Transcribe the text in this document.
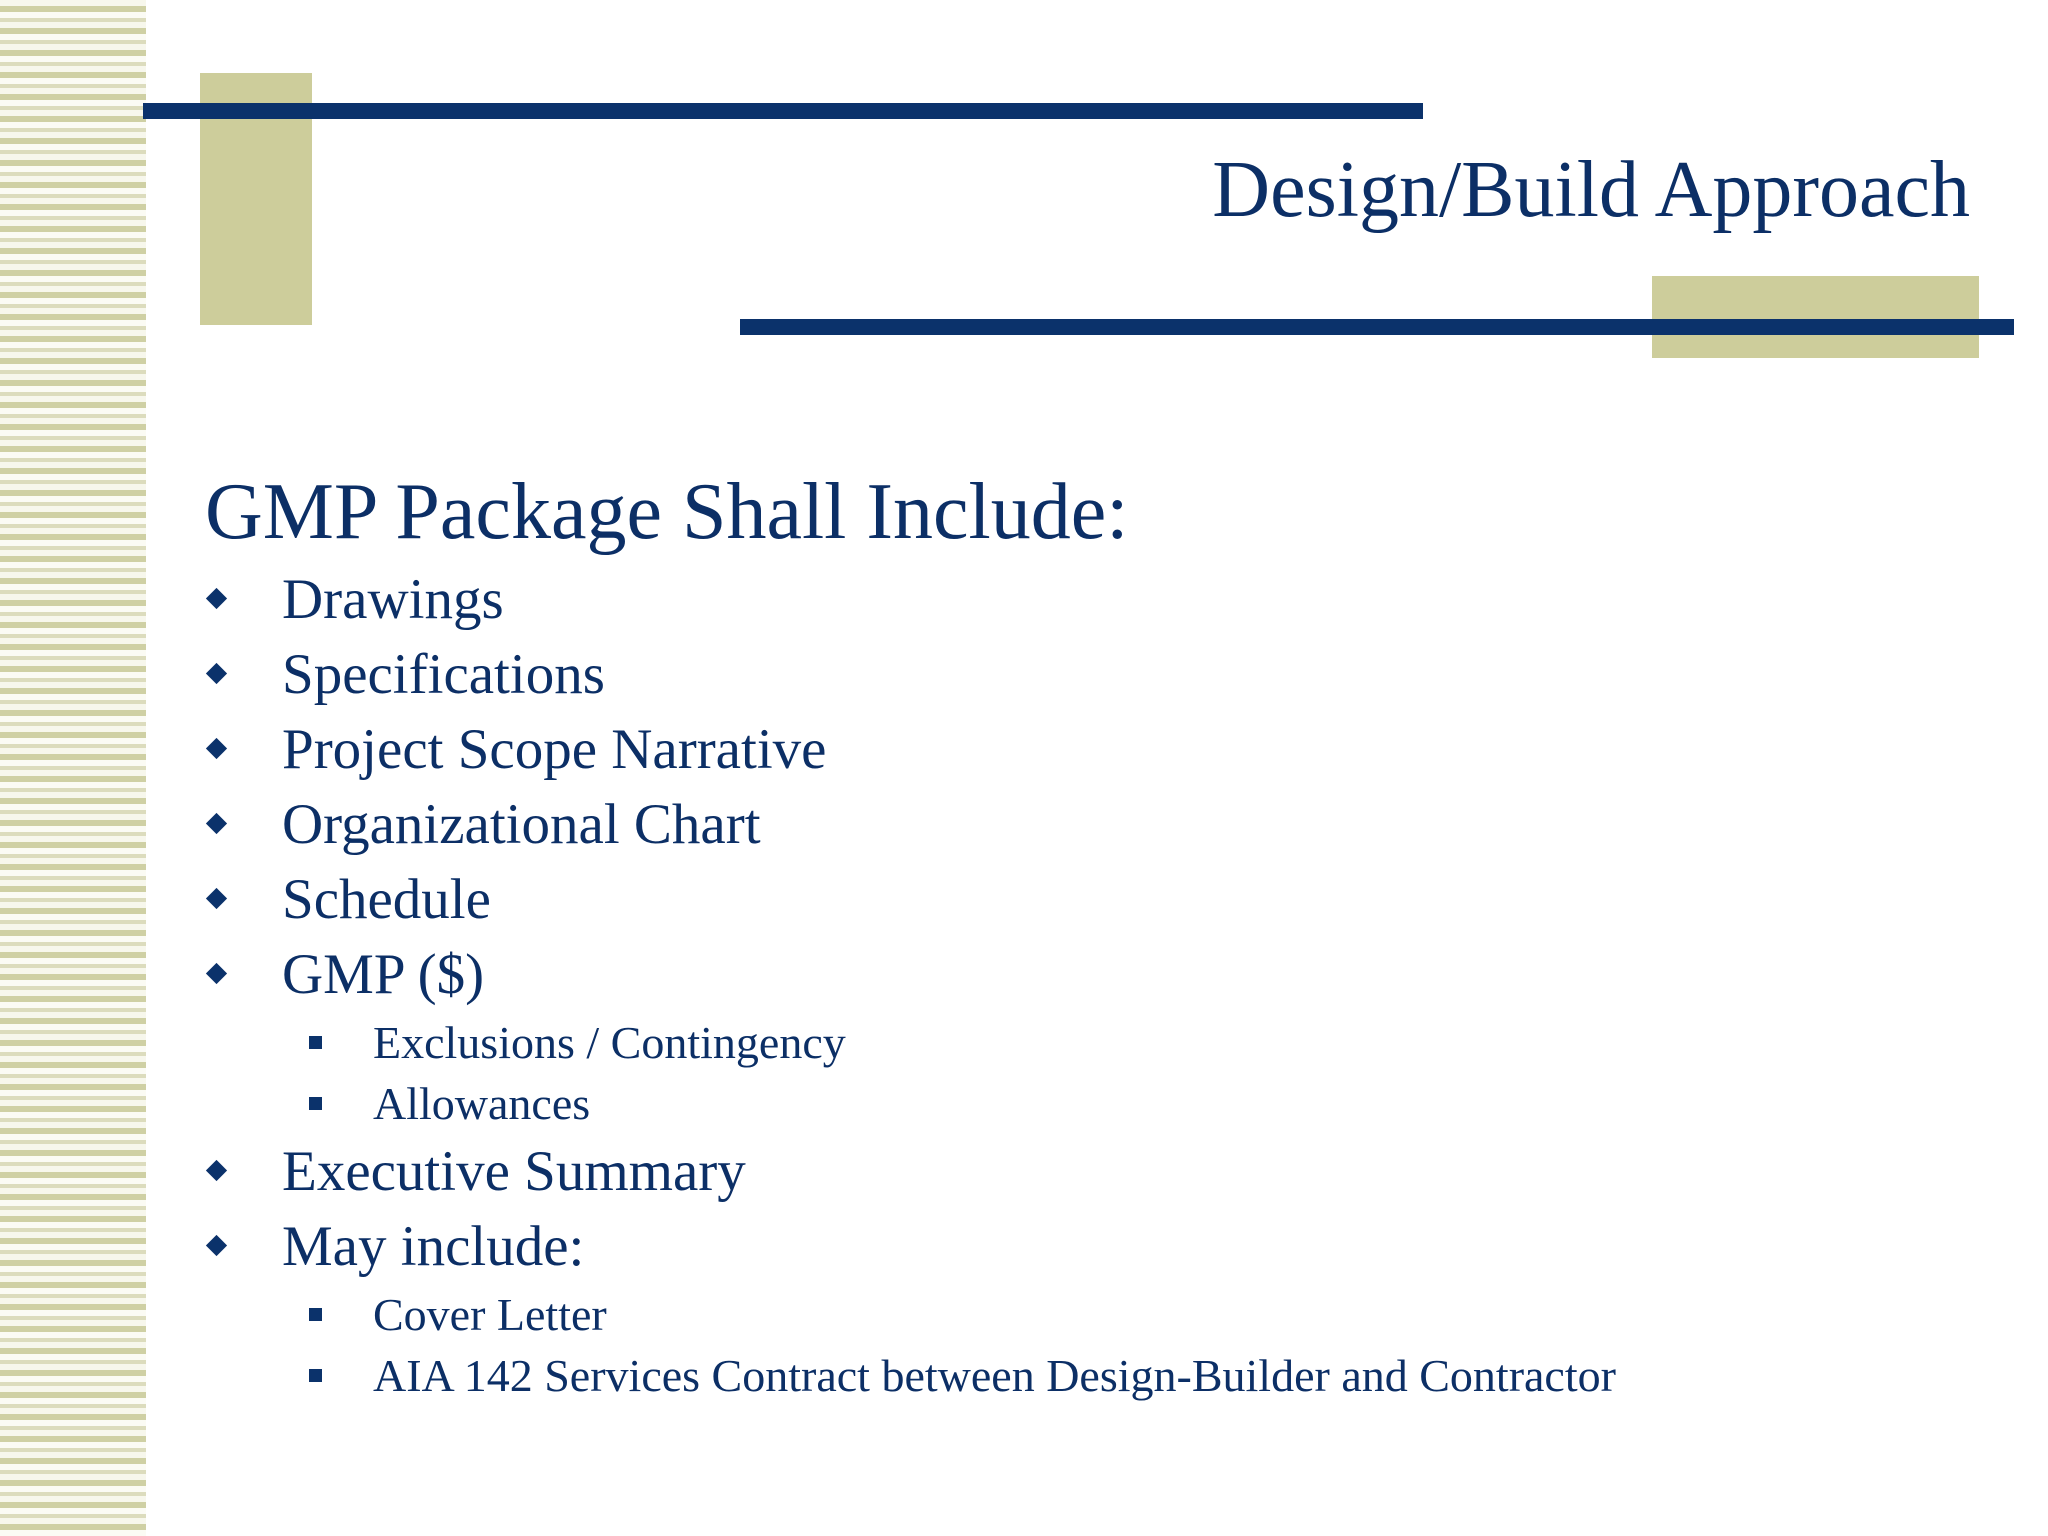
Design/Build Approach
GMP Package Shall Include:
Drawings
Specifications
Project Scope Narrative
Organizational Chart
Schedule
GMP ($)
Exclusions / Contingency
Allowances
Executive Summary
May include:
Cover Letter
AIA 142 Services Contract between Design-Builder and Contractor
